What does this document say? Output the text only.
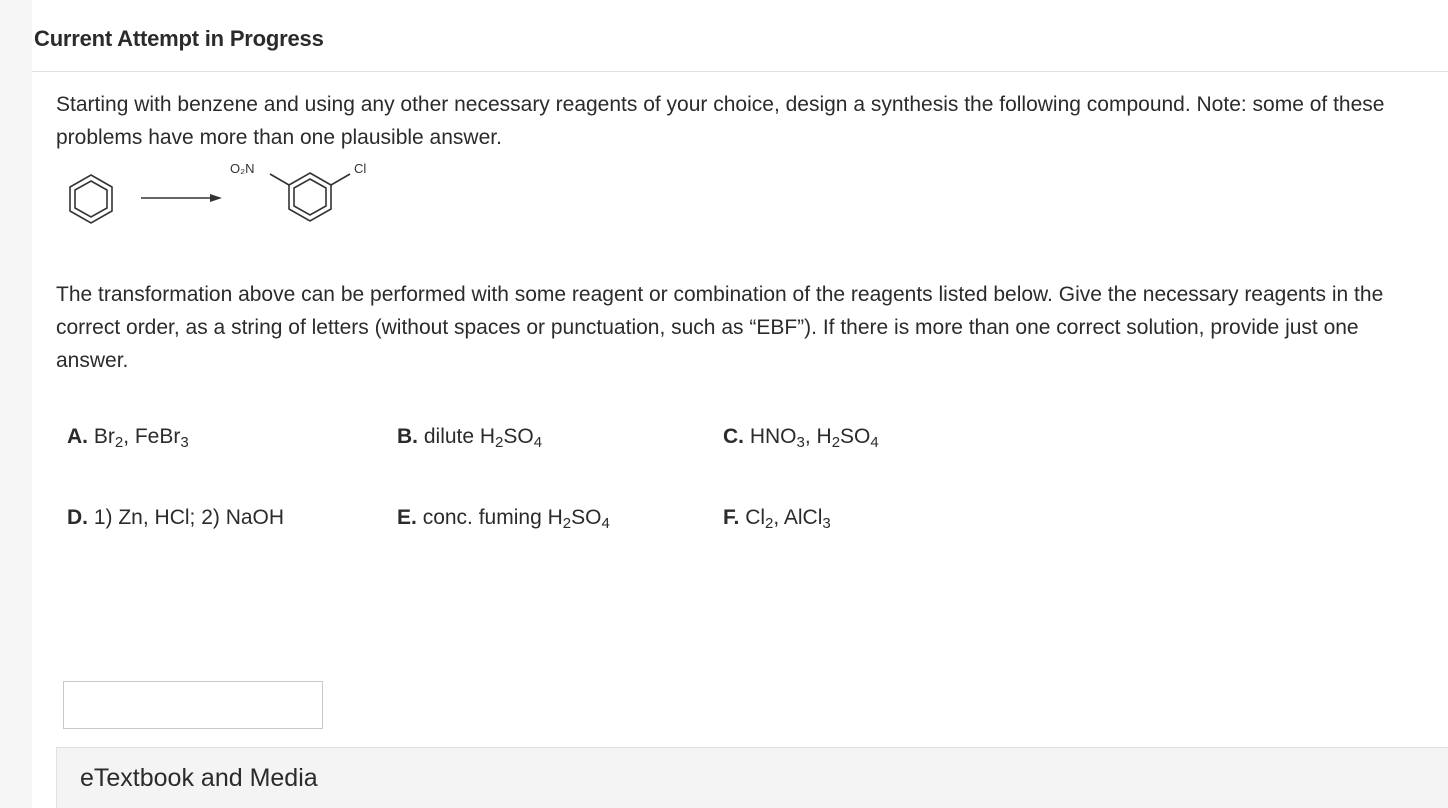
Current Attempt in Progress
Starting with benzene and using any other necessary reagents of your choice, design a synthesis the following compound. Note: some of these problems have more than one plausible answer.
O₂N	Cl
The transformation above can be performed with some reagent or combination of the reagents listed below. Give the necessary reagents in the correct order, as a string of letters (without spaces or punctuation, such as “EBF”). If there is more than one correct solution, provide just one answer.
A. $Br_2$, FeBr$_3$	B. dilute $H_2SO_4$	C. $HNO_3$, $H_2SO_4$
D. 1) Zn, HCl; 2) NaOH	E. conc. fuming $H_2SO_4$	F. $Cl_2$, AlCl$_3$
eTextbook and Media
